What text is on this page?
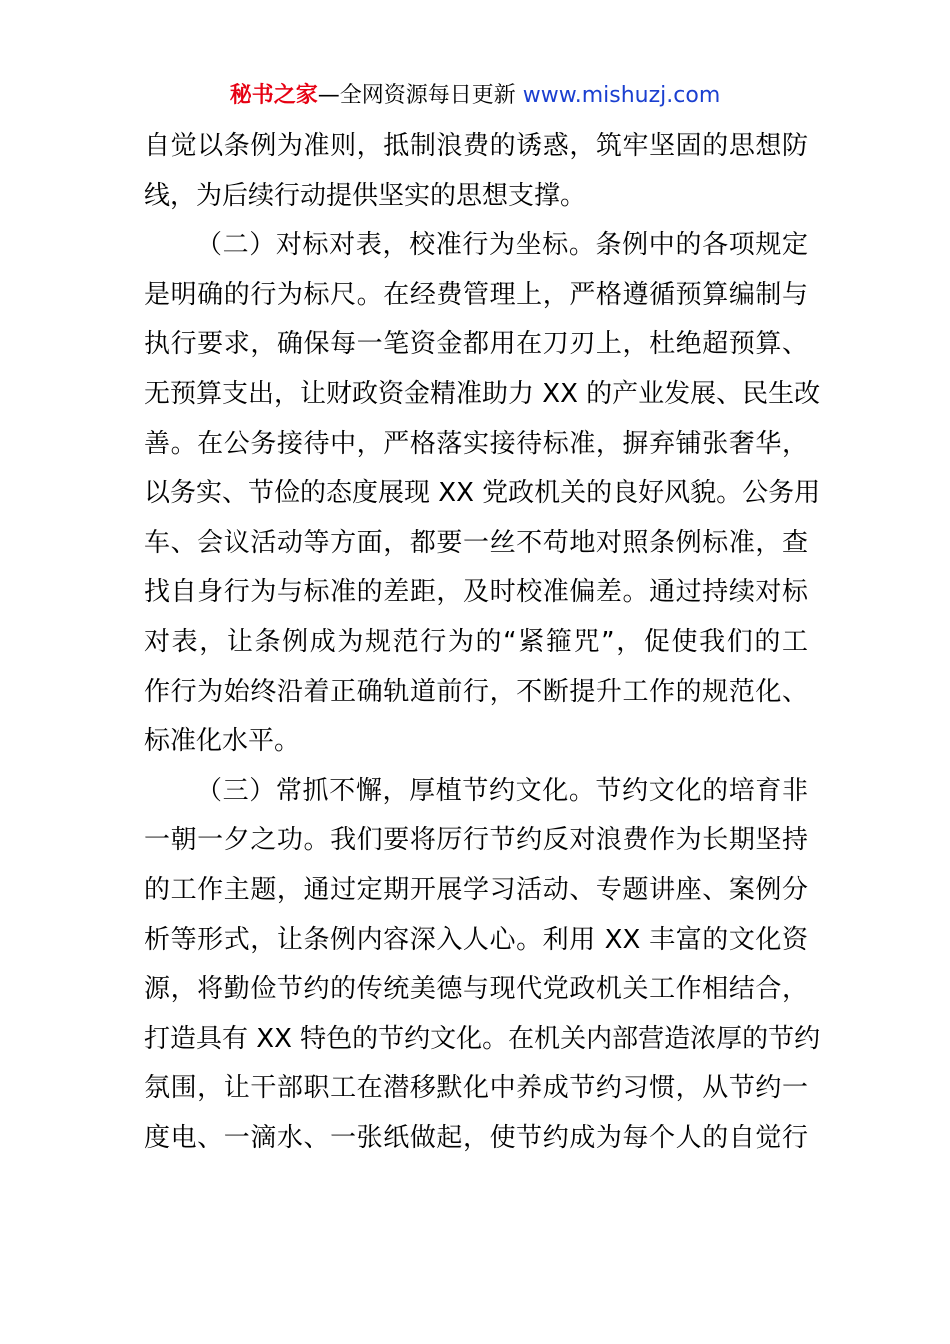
秘书之家—全网资源每日更新 www.mishuzj.com
自觉以条例为准则，抵制浪费的诱惑，筑牢坚固的思想防
线，为后续行动提供坚实的思想支撑。
（二）对标对表，校准行为坐标。条例中的各项规定
是明确的行为标尺。在经费管理上，严格遵循预算编制与
执行要求，确保每一笔资金都用在刀刃上，杜绝超预算、
无预算支出，让财政资金精准助力 XX 的产业发展、民生改
善。在公务接待中，严格落实接待标准，摒弃铺张奢华，
以务实、节俭的态度展现 XX 党政机关的良好风貌。公务用
车、会议活动等方面，都要一丝不苟地对照条例标准，查
找自身行为与标准的差距，及时校准偏差。通过持续对标
对表，让条例成为规范行为的“紧箍咒”，促使我们的工
作行为始终沿着正确轨道前行，不断提升工作的规范化、
标准化水平。
（三）常抓不懈，厚植节约文化。节约文化的培育非
一朝一夕之功。我们要将厉行节约反对浪费作为长期坚持
的工作主题，通过定期开展学习活动、专题讲座、案例分
析等形式，让条例内容深入人心。利用 XX 丰富的文化资
源，将勤俭节约的传统美德与现代党政机关工作相结合，
打造具有 XX 特色的节约文化。在机关内部营造浓厚的节约
氛围，让干部职工在潜移默化中养成节约习惯，从节约一
度电、一滴水、一张纸做起，使节约成为每个人的自觉行
